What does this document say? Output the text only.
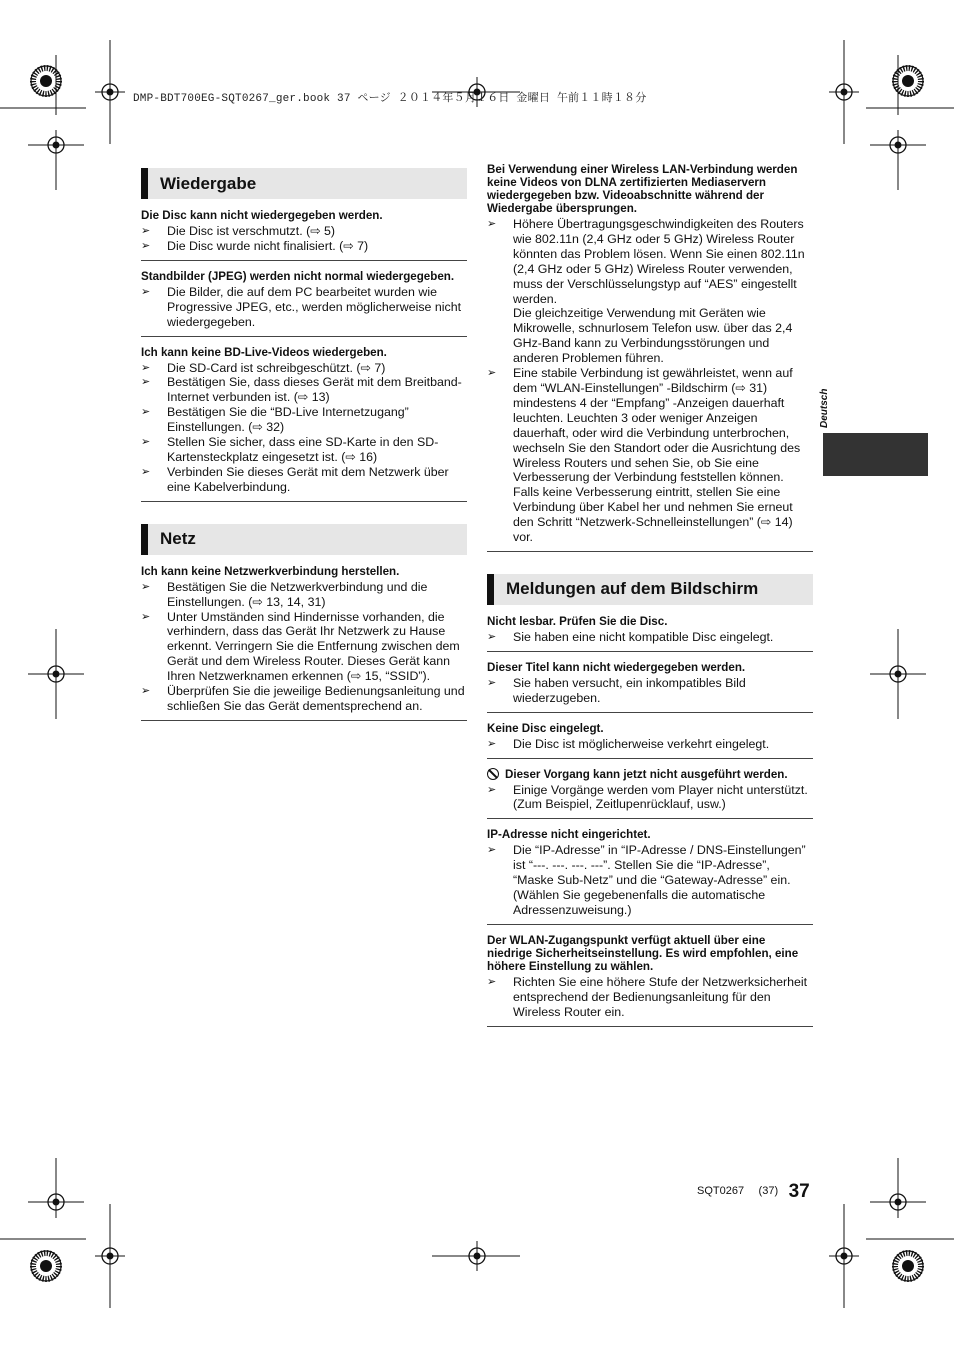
DMP-BDT700EG-SQT0267_ger.book 37 ページ ２０１４年５月１６日 金曜日 午前１１時１８分
Wiedergabe
Die Disc kann nicht wiedergegeben werden.
➢ Die Disc ist verschmutzt. (⇨ 5)
➢ Die Disc wurde nicht finalisiert. (⇨ 7)
Standbilder (JPEG) werden nicht normal wiedergegeben.
➢ Die Bilder, die auf dem PC bearbeitet wurden wie Progressive JPEG, etc., werden möglicherweise nicht wiedergegeben.
Ich kann keine BD-Live-Videos wiedergeben.
➢ Die SD-Card ist schreibgeschützt. (⇨ 7)
➢ Bestätigen Sie, dass dieses Gerät mit dem Breitband-Internet verbunden ist. (⇨ 13)
➢ Bestätigen Sie die “BD-Live Internetzugang” Einstellungen. (⇨ 32)
➢ Stellen Sie sicher, dass eine SD-Karte in den SD-Kartensteckplatz eingesetzt ist. (⇨ 16)
➢ Verbinden Sie dieses Gerät mit dem Netzwerk über eine Kabelverbindung.
Netz
Ich kann keine Netzwerkverbindung herstellen.
➢ Bestätigen Sie die Netzwerkverbindung und die Einstellungen. (⇨ 13, 14, 31)
➢ Unter Umständen sind Hindernisse vorhanden, die verhindern, dass das Gerät Ihr Netzwerk zu Hause erkennt. Verringern Sie die Entfernung zwischen dem Gerät und dem Wireless Router. Dieses Gerät kann Ihren Netzwerknamen erkennen (⇨ 15, “SSID”).
➢ Überprüfen Sie die jeweilige Bedienungsanleitung und schließen Sie das Gerät dementsprechend an.
Bei Verwendung einer Wireless LAN-Verbindung werden keine Videos von DLNA zertifizierten Mediaservern wiedergegeben bzw. Videoabschnitte während der Wiedergabe übersprungen.
➢ Höhere Übertragungsgeschwindigkeiten des Routers wie 802.11n (2,4 GHz oder 5 GHz) Wireless Router könnten das Problem lösen. Wenn Sie einen 802.11n (2,4 GHz oder 5 GHz) Wireless Router verwenden, muss der Verschlüsselungstyp auf “AES” eingestellt werden.
Die gleichzeitige Verwendung mit Geräten wie Mikrowelle, schnurlosem Telefon usw. über das 2,4 GHz-Band kann zu Verbindungsstörungen und anderen Problemen führen.
➢ Eine stabile Verbindung ist gewährleistet, wenn auf dem “WLAN-Einstellungen” -Bildschirm (⇨ 31) mindestens 4 der “Empfang” -Anzeigen dauerhaft leuchten. Leuchten 3 oder weniger Anzeigen dauerhaft, oder wird die Verbindung unterbrochen, wechseln Sie den Standort oder die Ausrichtung des Wireless Routers und sehen Sie, ob Sie eine Verbesserung der Verbindung feststellen können. Falls keine Verbesserung eintritt, stellen Sie eine Verbindung über Kabel her und nehmen Sie erneut den Schritt “Netzwerk-Schnelleinstellungen” (⇨ 14) vor.
Meldungen auf dem Bildschirm
Nicht lesbar. Prüfen Sie die Disc.
➢ Sie haben eine nicht kompatible Disc eingelegt.
Dieser Titel kann nicht wiedergegeben werden.
➢ Sie haben versucht, ein inkompatibles Bild wiederzugeben.
Keine Disc eingelegt.
➢ Die Disc ist möglicherweise verkehrt eingelegt.
Dieser Vorgang kann jetzt nicht ausgeführt werden.
➢ Einige Vorgänge werden vom Player nicht unterstützt. (Zum Beispiel, Zeitlupenrücklauf, usw.)
IP-Adresse nicht eingerichtet.
➢ Die “IP-Adresse” in “IP-Adresse / DNS-Einstellungen” ist “---. ---. ---. ---”. Stellen Sie die “IP-Adresse”, “Maske Sub-Netz” und die “Gateway-Adresse” ein. (Wählen Sie gegebenenfalls die automatische Adressenzuweisung.)
Der WLAN-Zugangspunkt verfügt aktuell über eine niedrige Sicherheitseinstellung. Es wird empfohlen, eine höhere Einstellung zu wählen.
➢ Richten Sie eine höhere Stufe der Netzwerksicherheit entsprechend der Bedienungsanleitung für den Wireless Router ein.
Deutsch
SQT0267 (37) 37
